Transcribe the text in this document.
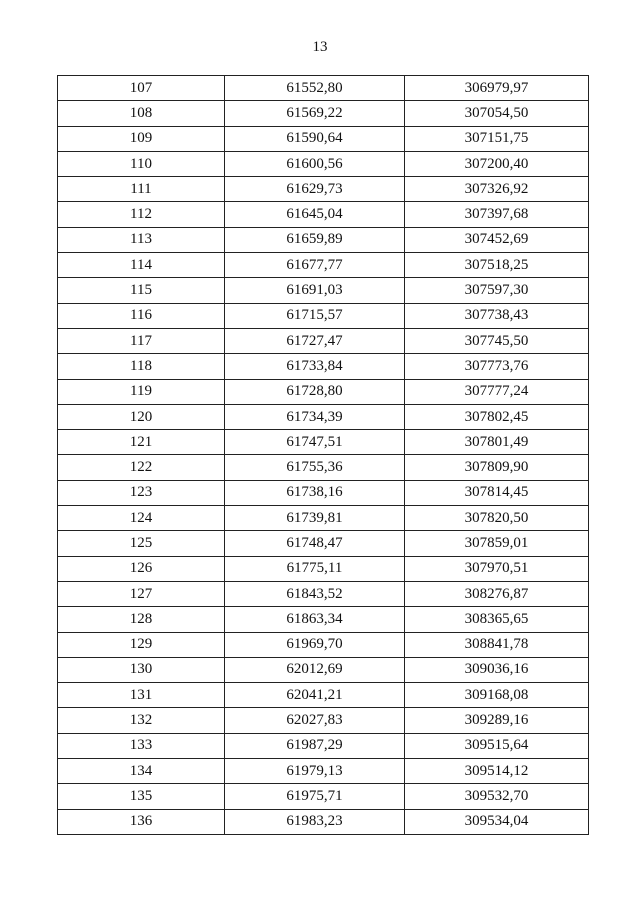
13
107	61552,80	306979,97
108	61569,22	307054,50
109	61590,64	307151,75
110	61600,56	307200,40
111	61629,73	307326,92
112	61645,04	307397,68
113	61659,89	307452,69
114	61677,77	307518,25
115	61691,03	307597,30
116	61715,57	307738,43
117	61727,47	307745,50
118	61733,84	307773,76
119	61728,80	307777,24
120	61734,39	307802,45
121	61747,51	307801,49
122	61755,36	307809,90
123	61738,16	307814,45
124	61739,81	307820,50
125	61748,47	307859,01
126	61775,11	307970,51
127	61843,52	308276,87
128	61863,34	308365,65
129	61969,70	308841,78
130	62012,69	309036,16
131	62041,21	309168,08
132	62027,83	309289,16
133	61987,29	309515,64
134	61979,13	309514,12
135	61975,71	309532,70
136	61983,23	309534,04
